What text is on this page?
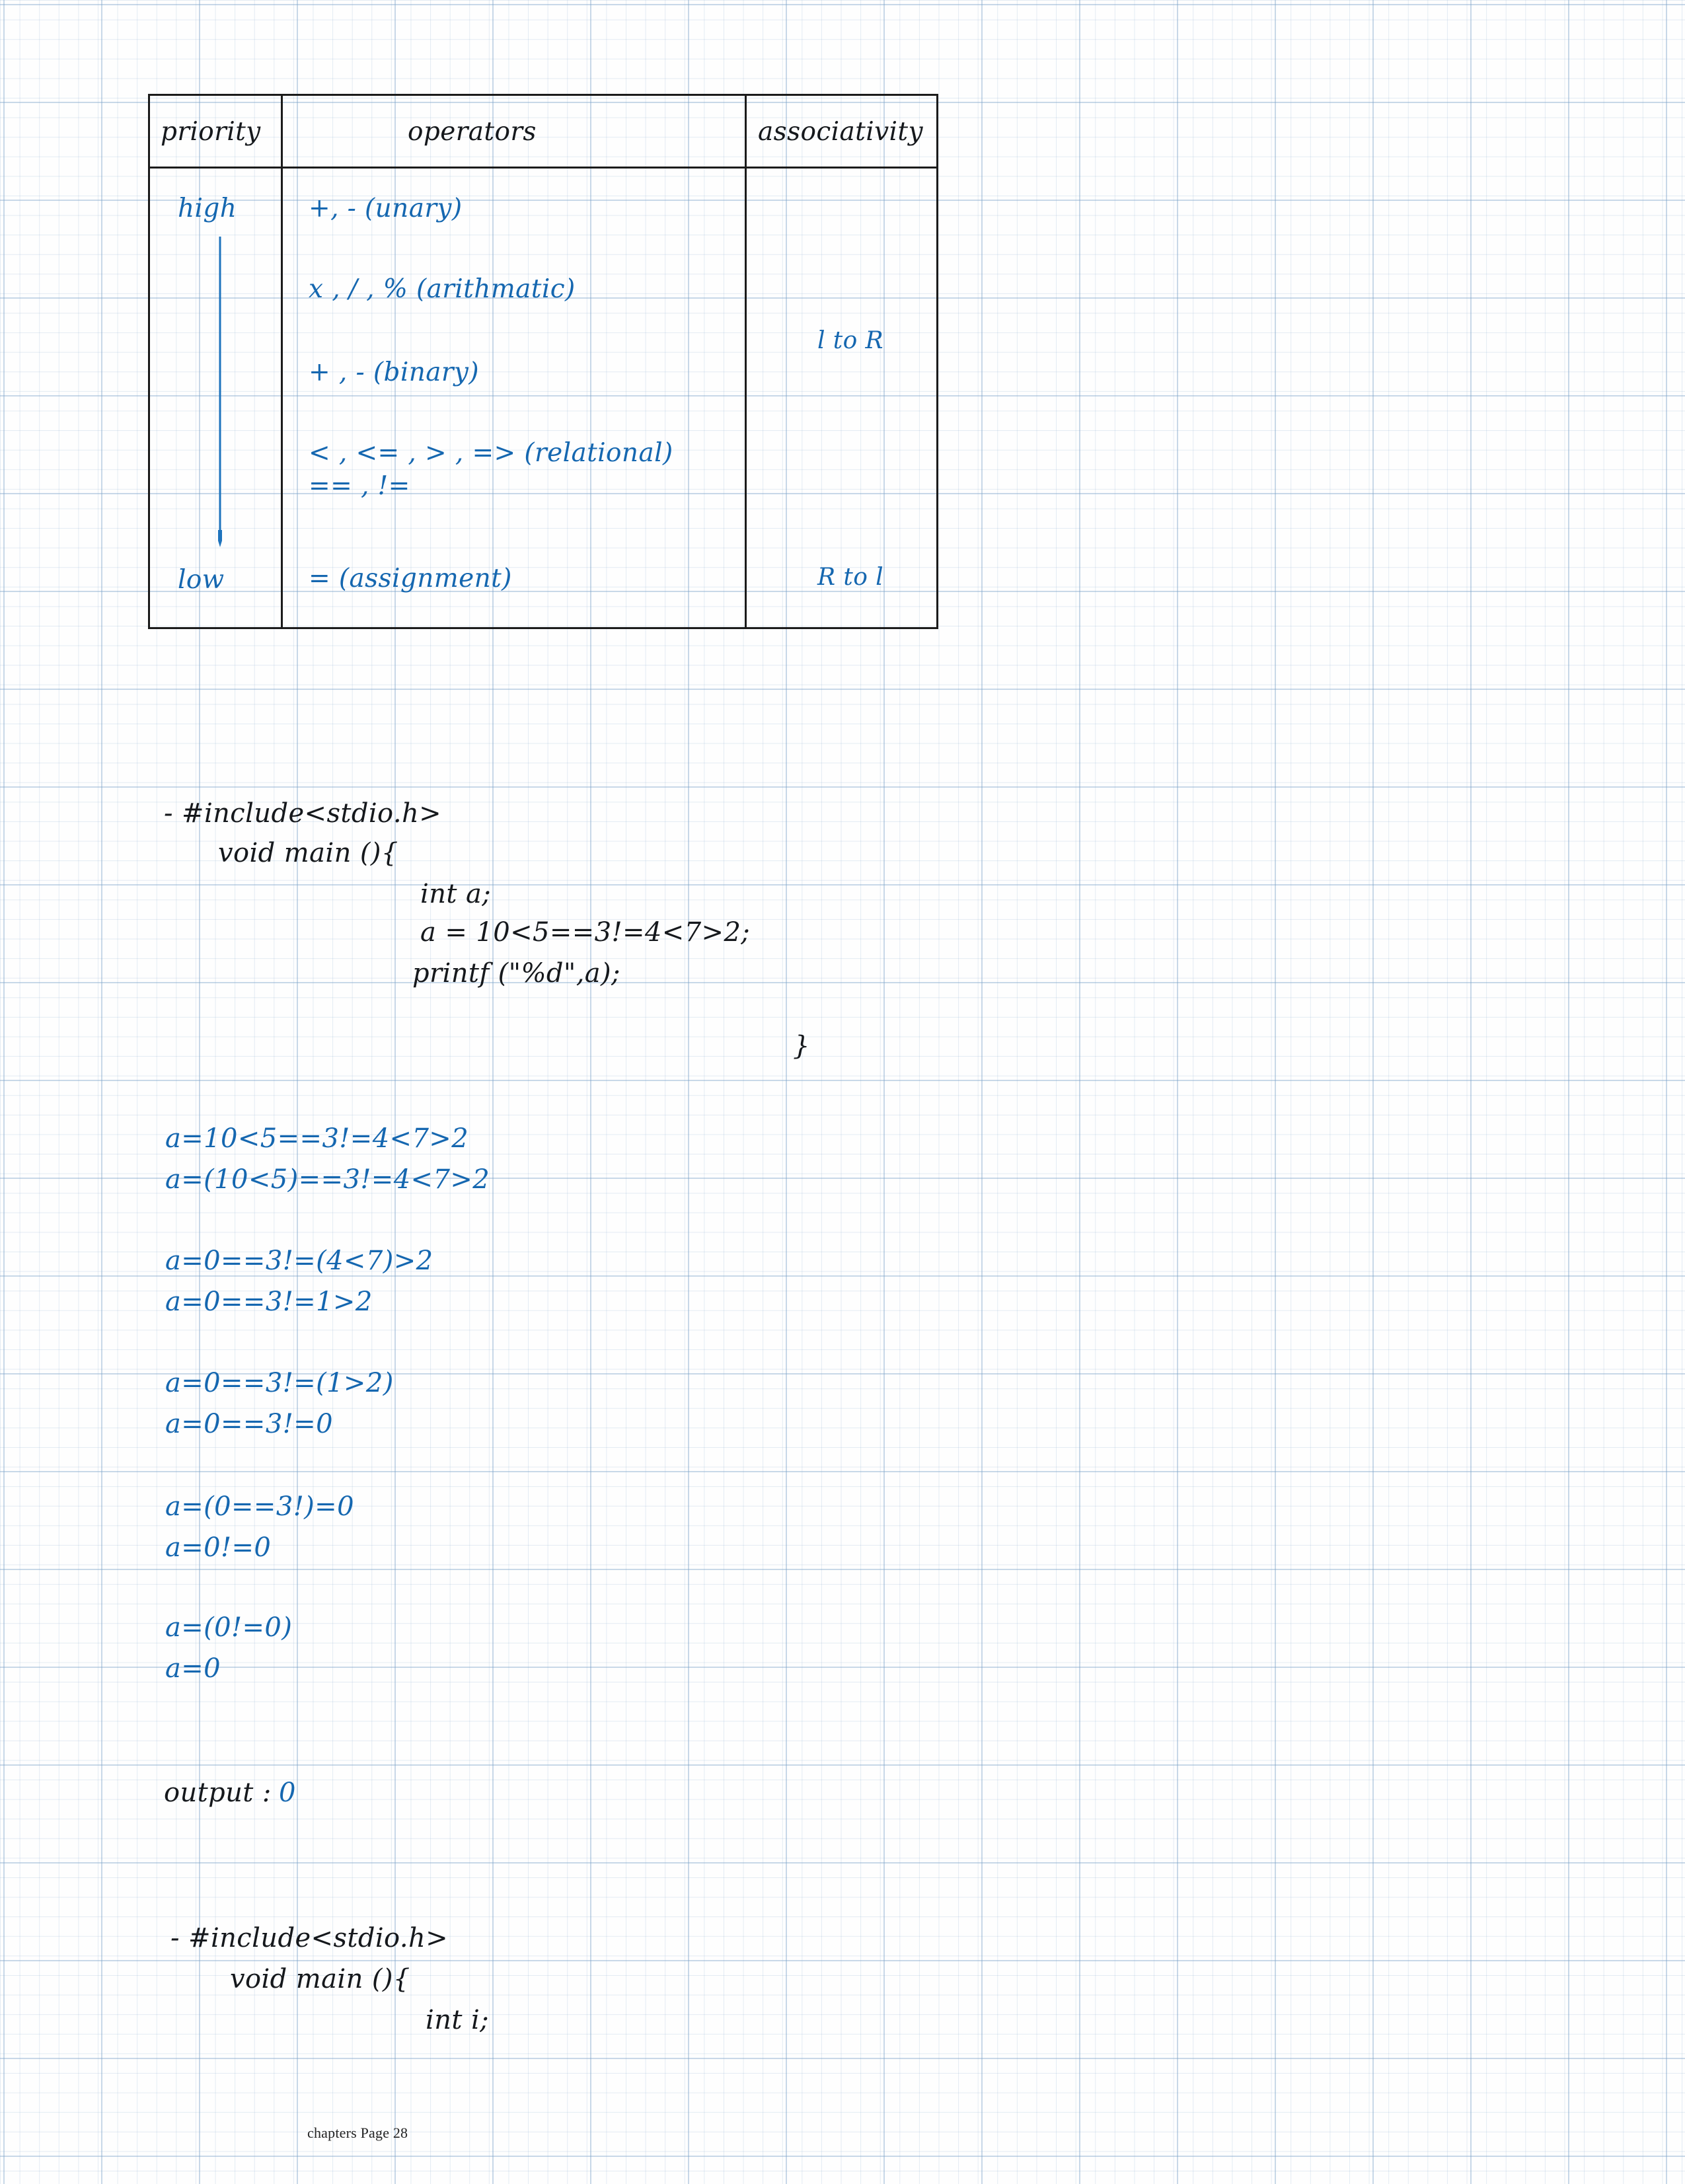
priority	operators	associativity
high
low
+, - (unary)
x , / , % (arithmatic)
+ , - (binary)
< , <= , > , => (relational)
== , !=
= (assignment)
l to R
R to l
- #include<stdio.h>
void main (){
int a;
a = 10<5==3!=4<7>2;
printf ("%d",a);
}
a=10<5==3!=4<7>2
a=(10<5)==3!=4<7>2
a=0==3!=(4<7)>2
a=0==3!=1>2
a=0==3!=(1>2)
a=0==3!=0
a=(0==3!)=0
a=0!=0
a=(0!=0)
a=0
output : 0
- #include<stdio.h>
void main (){
int i;
chapters Page 28
